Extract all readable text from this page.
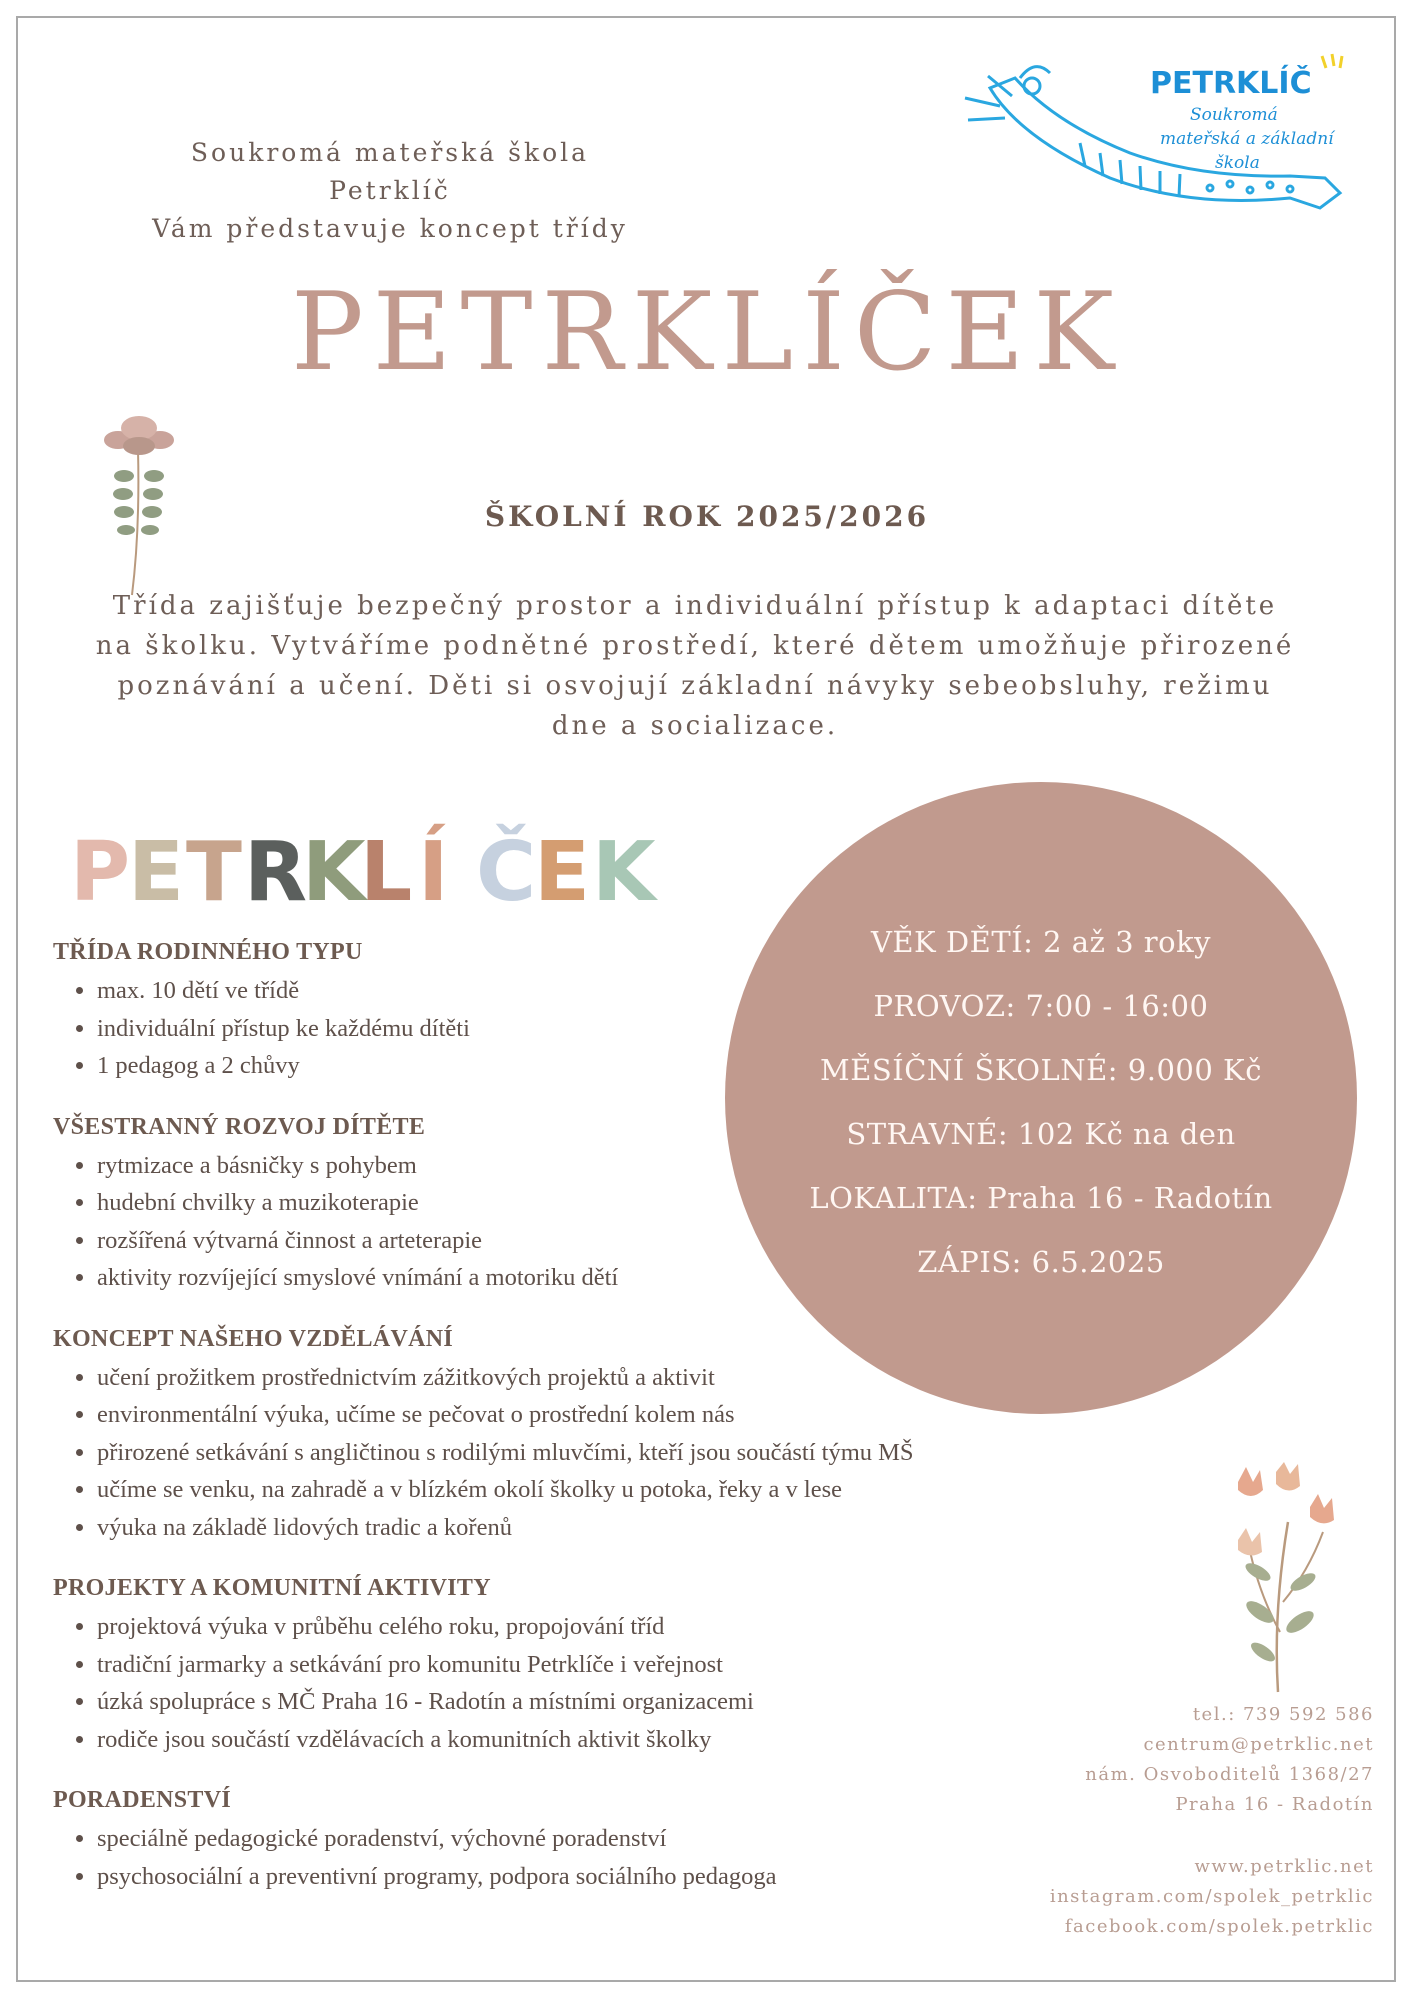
PETRKLÍČ
Soukromá
mateřská a základní
škola
Soukromá mateřská škola Petrklíč
Vám představuje koncept třídy
PETRKLÍČEK
ŠKOLNÍ ROK 2025/2026
Třída zajišťuje bezpečný prostor a individuální přístup k adaptaci dítěte na školku. Vytváříme podnětné prostředí, které dětem umožňuje přirozené poznávání a učení. Děti si osvojují základní návyky sebeobsluhy, režimu dne a socializace.
P
E T R
K
L Í Č
E K
VĚK DĚTÍ: 2 až 3 roky
PROVOZ: 7:00 - 16:00
MĚSÍČNÍ ŠKOLNÉ: 9.000 Kč
STRAVNÉ: 102 Kč na den
LOKALITA: Praha 16 - Radotín
ZÁPIS: 6.5.2025
TŘÍDA RODINNÉHO TYPU
• max. 10 dětí ve třídě
• individuální přístup ke každému dítěti
• 1 pedagog a 2 chůvy
VŠESTRANNÝ ROZVOJ DÍTĚTE
• rytmizace a básničky s pohybem
• hudební chvilky a muzikoterapie
• rozšířená výtvarná činnost a arteterapie
• aktivity rozvíjející smyslové vnímání a motoriku dětí
KONCEPT NAŠEHO VZDĚLÁVÁNÍ
• učení prožitkem prostřednictvím zážitkových projektů a aktivit
• environmentální výuka, učíme se pečovat o prostřední kolem nás
• přirozené setkávání s angličtinou s rodilými mluvčími, kteří jsou součástí týmu MŠ
• učíme se venku, na zahradě a v blízkém okolí školky u potoka, řeky a v lese
• výuka na základě lidových tradic a kořenů
PROJEKTY A KOMUNITNÍ AKTIVITY
• projektová výuka v průběhu celého roku, propojování tříd
• tradiční jarmarky a setkávání pro komunitu Petrklíče i veřejnost
• úzká spolupráce s MČ Praha 16 - Radotín a místními organizacemi
• rodiče jsou součástí vzdělávacích a komunitních aktivit školky
PORADENSTVÍ
• speciálně pedagogické poradenství, výchovné poradenství
• psychosociální a preventivní programy, podpora sociálního pedagoga
tel.: 739 592 586
centrum@petrklic.net
nám. Osvoboditelů 1368/27
Praha 16 - Radotín
www.petrklic.net
instagram.com/spolek_petrklic
facebook.com/spolek.petrklic
